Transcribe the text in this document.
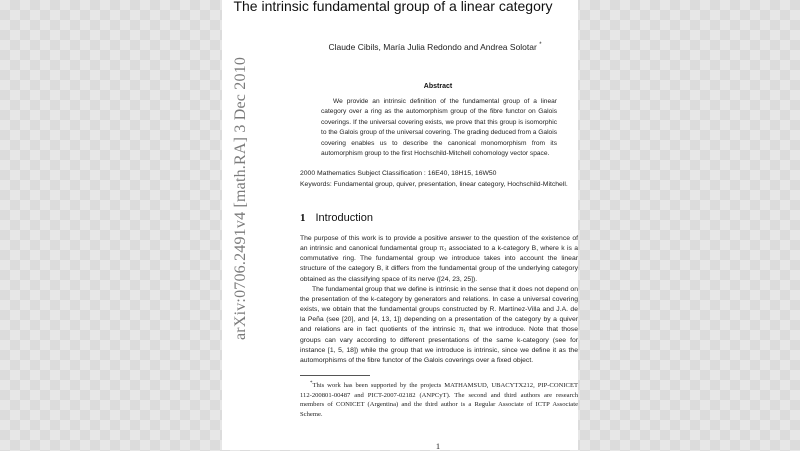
arXiv:0706.2491v4 [math.RA] 3 Dec 2010
The intrinsic fundamental group of a linear category
Claude Cibils, María Julia Redondo and Andrea Solotar *
Abstract
We provide an intrinsic definition of the fundamental group of a linear category over a ring as the automorphism group of the fibre functor on Galois coverings. If the universal covering exists, we prove that this group is isomorphic to the Galois group of the universal covering. The grading deduced from a Galois covering enables us to describe the canonical monomorphism from its automorphism group to the first Hochschild-Mitchell cohomology vector space.
2000 Mathematics Subject Classification : 16E40, 18H15, 16W50
Keywords: Fundamental group, quiver, presentation, linear category, Hochschild-Mitchell.
1 Introduction

The purpose of this work is to provide a positive answer to the question of the existence of an intrinsic and canonical fundamental group π₁ associated to a k-category B, where k is a commutative ring. The fundamental group we introduce takes into account the linear structure of the category B, it differs from the fundamental group of the underlying category obtained as the classifying space of its nerve ([24, 23, 25]).

The fundamental group that we define is intrinsic in the sense that it does not depend on the presentation of the k-category by generators and relations. In case a universal covering exists, we obtain that the fundamental groups constructed by R. Martínez-Villa and J.A. de la Peña (see [20], and [4, 13, 1]) depending on a presentation of the category by a quiver and relations are in fact quotients of the intrinsic π₁ that we introduce. Note that those groups can vary according to different presentations of the same k-category (see for instance [1, 5, 18]) while the group that we introduce is intrinsic, since we define it as the automorphisms of the fibre functor of the Galois coverings over a fixed object.

*This work has been supported by the projects MATHAMSUD, UBACYTX212, PIP-CONICET 112-200801-00487 and PICT-2007-02182 (ANPCyT). The second and third authors are research members of CONICET (Argentina) and the third author is a Regular Associate of ICTP Associate Scheme.
1
